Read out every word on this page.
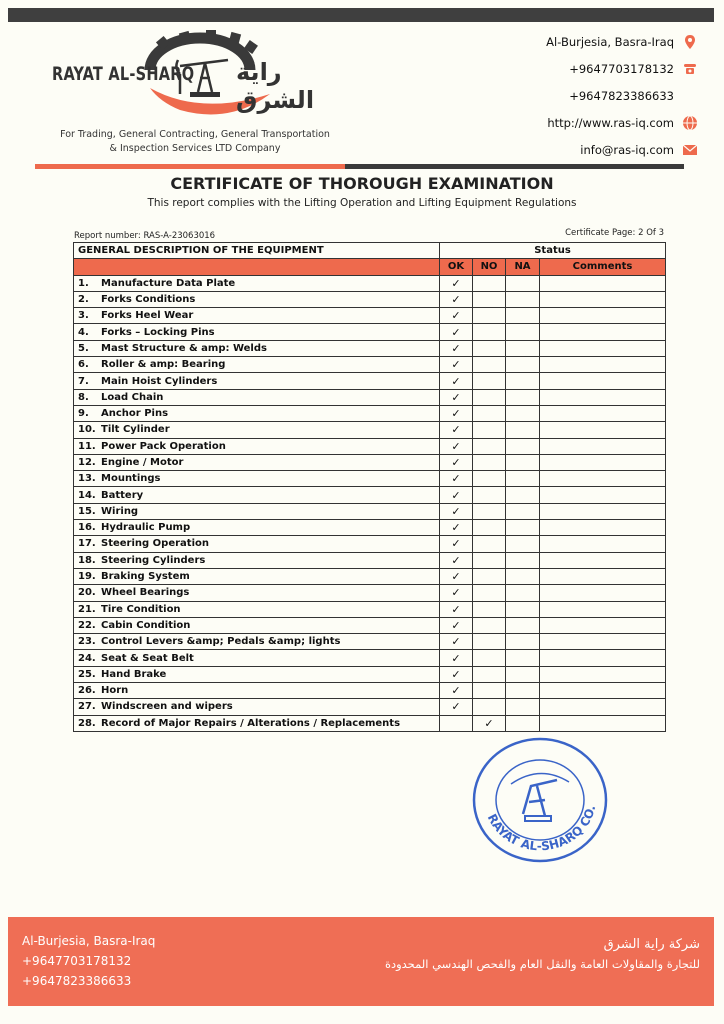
RAYAT AL-SHARQ راية الشرق
For Trading, General Contracting, General Transportation
& Inspection Services LTD Company
Al-Burjesia, Basra-Iraq
+9647703178132
+9647823386633
http://www.ras-iq.com
info@ras-iq.com
CERTIFICATE OF THOROUGH EXAMINATION
This report complies with the Lifting Operation and Lifting Equipment Regulations
Report number: RAS-A-23063016	Certificate Page: 2 Of 3
GENERAL DESCRIPTION OF THE EQUIPMENT	Status			
	OK	NO	NA	Comments
1. Manufacture Data Plate	✓			
2. Forks Conditions	✓			
3. Forks Heel Wear	✓			
4. Forks – Locking Pins	✓			
5. Mast Structure & amp: Welds	✓			
6. Roller & amp: Bearing	✓			
7. Main Hoist Cylinders	✓			
8. Load Chain	✓			
9. Anchor Pins	✓			
10. Tilt Cylinder	✓			
11. Power Pack Operation	✓			
12. Engine / Motor	✓			
13. Mountings	✓			
14. Battery	✓			
15. Wiring	✓			
16. Hydraulic Pump	✓			
17. Steering Operation	✓			
18. Steering Cylinders	✓			
19. Braking System	✓			
20. Wheel Bearings	✓			
21. Tire Condition	✓			
22. Cabin Condition	✓			
23. Control Levers &amp; Pedals &amp; lights	✓			
24. Seat & Seat Belt	✓			
25. Hand Brake	✓			
26. Horn	✓			
27. Windscreen and wipers	✓			
28. Record of Major Repairs / Alterations / Replacements		✓		
RAYAT AL-SHARQ CO.
Al-Burjesia, Basra-Iraq
+9647703178132
+9647823386633
شركة راية الشرق
للتجارة والمقاولات العامة والنقل العام والفحص الهندسي المحدودة
